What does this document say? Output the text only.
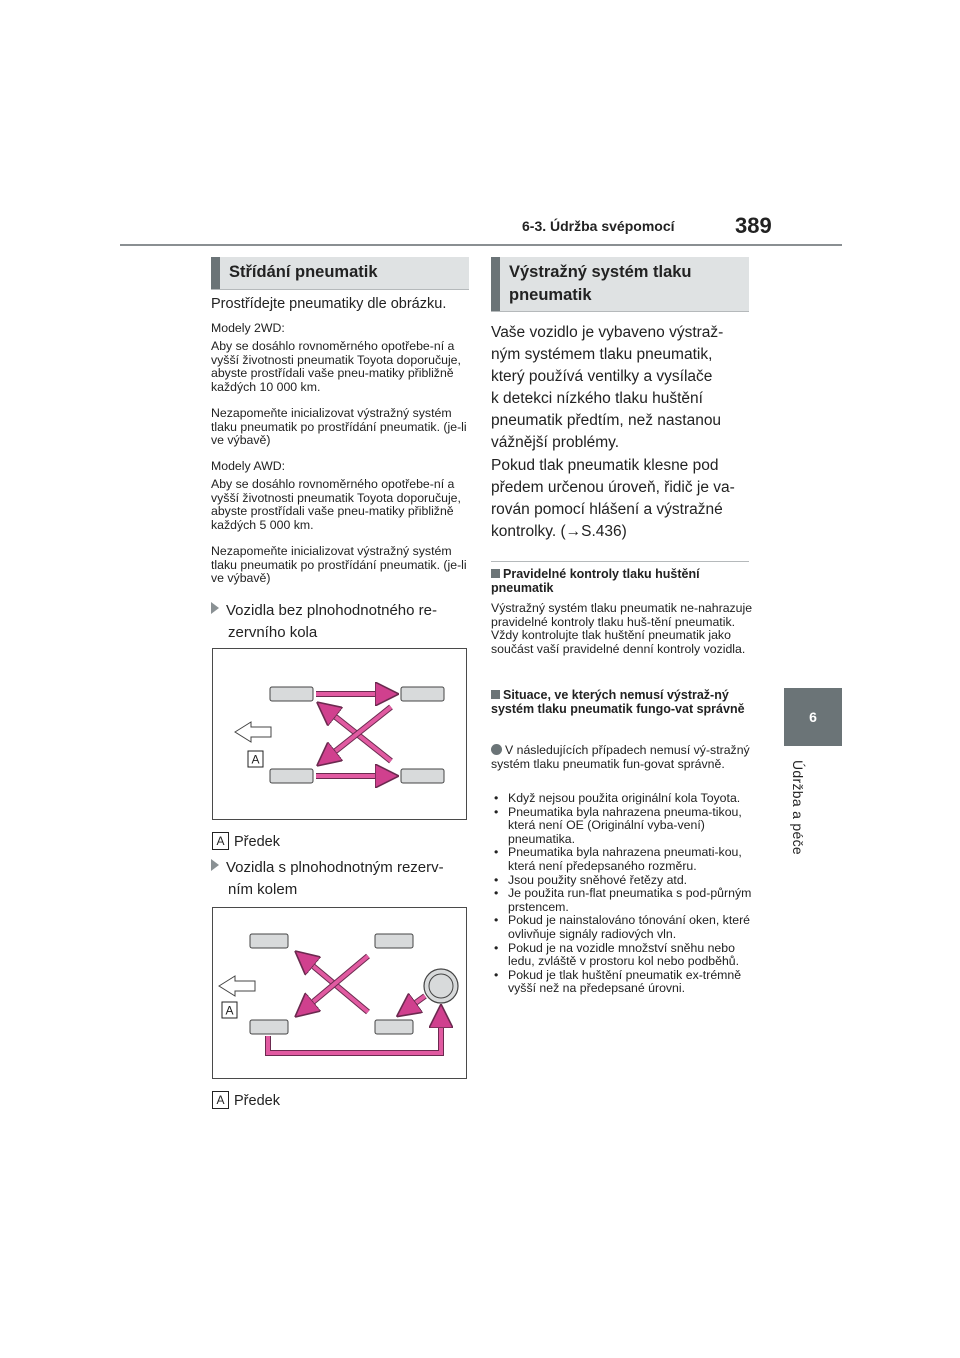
6-3. Údržba svépomocí	389
6
Údržba a péče
Střídání pneumatik
Prostřídejte pneumatiky dle obrázku.
Modely 2WD:
Aby se dosáhlo rovnoměrného opotřebe-ní a vyšší životnosti pneumatik Toyota doporučuje, abyste prostřídali vaše pneu-matiky přibližně každých 10 000 km.
Nezapomeňte inicializovat výstražný systém tlaku pneumatik po prostřídání pneumatik. (je-li ve výbavě)
Modely AWD:
Aby se dosáhlo rovnoměrného opotřebe-ní a vyšší životnosti pneumatik Toyota doporučuje, abyste prostřídali vaše pneu-matiky přibližně každých 5 000 km.
Nezapomeňte inicializovat výstražný systém tlaku pneumatik po prostřídání pneumatik. (je-li ve výbavě)
Vozidla bez plnohodnotného re-
zervního kola
A
A Předek
Vozidla s plnohodnotným rezerv-
ním kolem
A
A Předek
Výstražný systém tlaku
pneumatik
Vaše vozidlo je vybaveno výstraž-
ným systémem tlaku pneumatik,
který používá ventilky a vysílače
k detekci nízkého tlaku huštění
pneumatik předtím, než nastanou
vážnější problémy.
Pokud tlak pneumatik klesne pod
předem určenou úroveň, řidič je va-
rován pomocí hlášení a výstražné
kontrolky. (→S.436)
Pravidelné kontroly tlaku huštění pneumatik
Výstražný systém tlaku pneumatik ne-nahrazuje pravidelné kontroly tlaku huš-tění pneumatik. Vždy kontrolujte tlak huštění pneumatik jako součást vaší pravidelné denní kontroly vozidla.
Situace, ve kterých nemusí výstraž-ný systém tlaku pneumatik fungo-vat správně
V následujících případech nemusí vý-stražný systém tlaku pneumatik fun-govat správně.
• Když nejsou použita originální kola Toyota.
• Pneumatika byla nahrazena pneuma-tikou, která není OE (Originální vyba-vení) pneumatika.
• Pneumatika byla nahrazena pneumati-kou, která není předepsaného rozměru.
• Jsou použity sněhové řetězy atd.
• Je použita run-flat pneumatika s pod-půrným prstencem.
• Pokud je nainstalováno tónování oken, které ovlivňuje signály radiových vln.
• Pokud je na vozidle množství sněhu nebo ledu, zvláště v prostoru kol nebo podběhů.
• Pokud je tlak huštění pneumatik ex-trémně vyšší než na předepsané úrovni.
